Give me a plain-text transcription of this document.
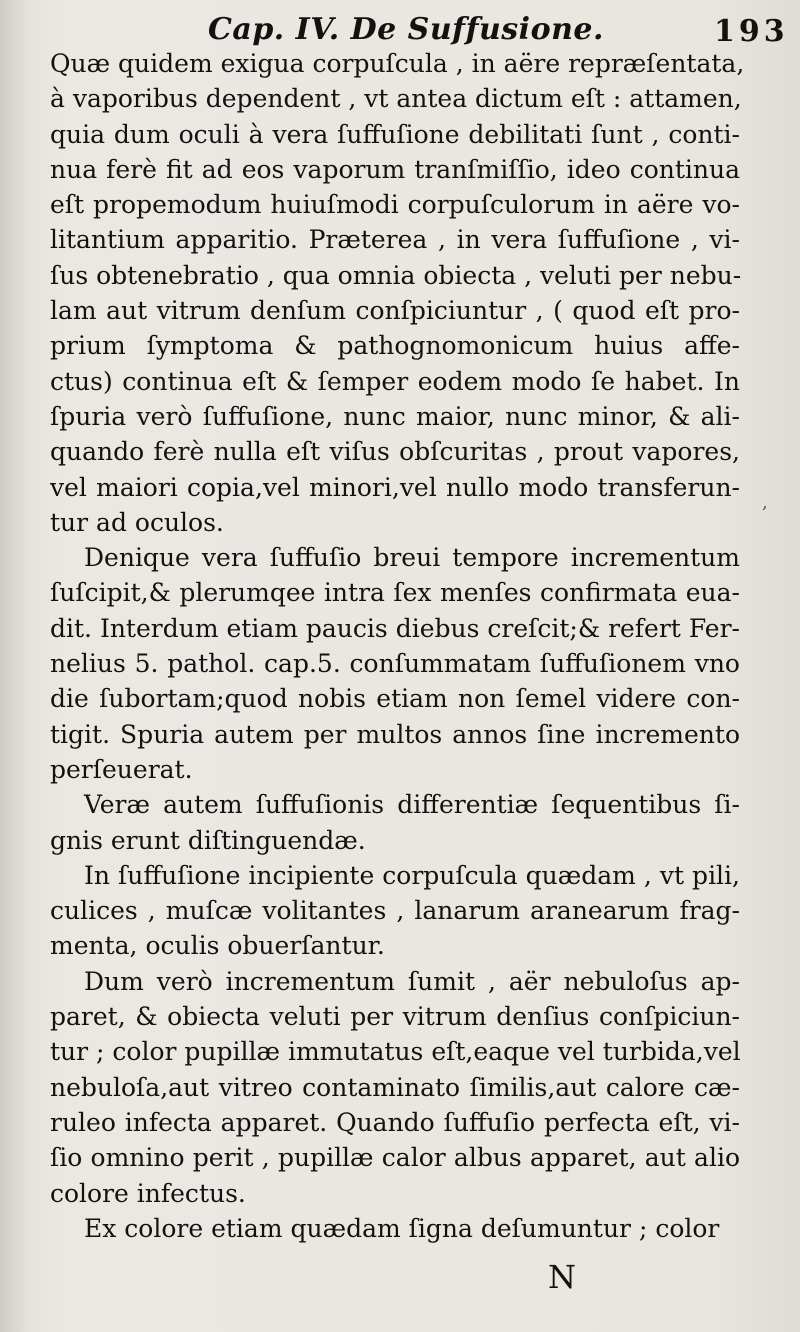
Cap. IV. De Suffusione.	193
Quæ quidem exigua corpuſcula , in aëre repræſentata,
à vaporibus dependent , vt antea dictum eſt : attamen,
quia dum oculi à vera ſuffuſione debilitati ſunt , conti-
nua ferè fit ad eos vaporum tranſmiſſio, ideo continua
eſt propemodum huiuſmodi corpuſculorum in aëre vo-
litantium apparitio. Præterea , in vera ſuffuſione , vi-
ſus obtenebratio , qua omnia obiecta , veluti per nebu-
lam aut vitrum denſum conſpiciuntur , ( quod eſt pro-
prium ſymptoma & pathognomonicum huius affe-
ctus) continua eſt & ſemper eodem modo ſe habet. In
ſpuria verò ſuffuſione, nunc maior, nunc minor, & ali-
quando ferè nulla eſt viſus obſcuritas , prout vapores,
vel maiori copia,vel minori,vel nullo modo transferun-
tur ad oculos.
Denique vera ſuffuſio breui tempore incrementum
ſuſcipit,& plerumqee intra ſex menſes confirmata eua-
dit. Interdum etiam paucis diebus creſcit;& refert Fer-
nelius 5. pathol. cap.5. conſummatam ſuffuſionem vno
die ſubortam;quod nobis etiam non ſemel videre con-
tigit. Spuria autem per multos annos ſine incremento
perſeuerat.
Veræ autem ſuffuſionis differentiæ ſequentibus ſi-
gnis erunt diſtinguendæ.
In ſuffuſione incipiente corpuſcula quædam , vt pili,
culices , muſcæ volitantes , lanarum aranearum frag-
menta, oculis obuerſantur.
Dum verò incrementum ſumit , aër nebuloſus ap-
paret, & obiecta veluti per vitrum denſius conſpiciun-
tur ; color pupillæ immutatus eſt,eaque vel turbida,vel
nebuloſa,aut vitreo contaminato ſimilis,aut calore cæ-
ruleo infecta apparet. Quando ſuffuſio perfecta eſt, vi-
ſio omnino perit , pupillæ calor albus apparet, aut alio
colore infectus.
Ex colore etiam quædam ſigna deſumuntur ; color
,
N
